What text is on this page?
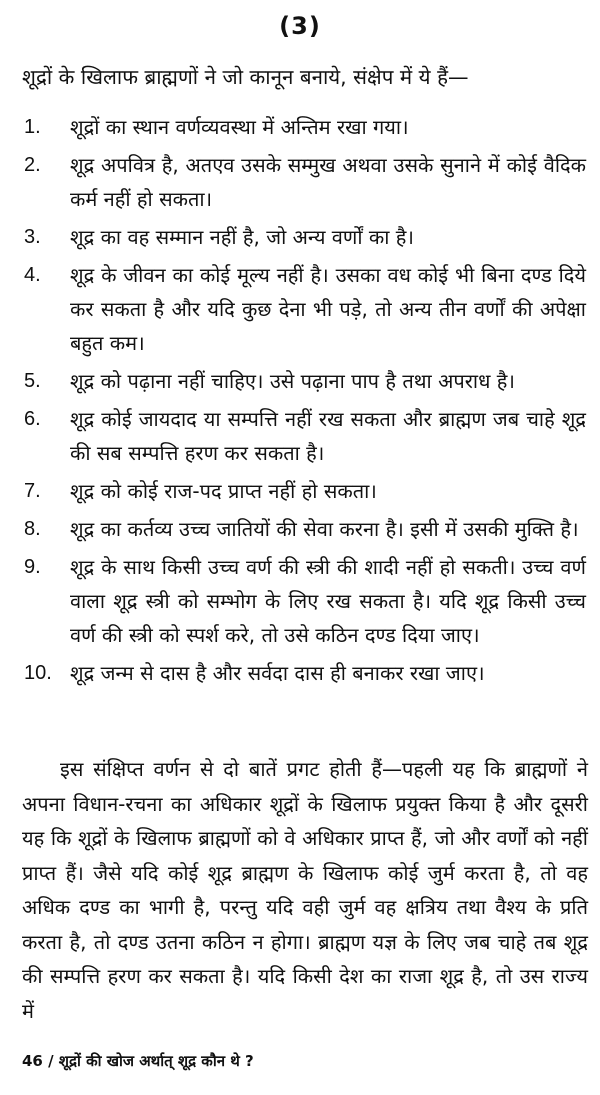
(3)
शूद्रों के खिलाफ ब्राह्मणों ने जो कानून बनाये, संक्षेप में ये हैं—
1.	शूद्रों का स्थान वर्णव्यवस्था में अन्तिम रखा गया।
2.	शूद्र अपवित्र है, अतएव उसके सम्मुख अथवा उसके सुनाने में कोई वैदिक कर्म नहीं हो सकता।
3.	शूद्र का वह सम्मान नहीं है, जो अन्य वर्णों का है।
4.	शूद्र के जीवन का कोई मूल्य नहीं है। उसका वध कोई भी बिना दण्ड दिये कर सकता है और यदि कुछ देना भी पड़े, तो अन्य तीन वर्णों की अपेक्षा बहुत कम।
5.	शूद्र को पढ़ाना नहीं चाहिए। उसे पढ़ाना पाप है तथा अपराध है।
6.	शूद्र कोई जायदाद या सम्पत्ति नहीं रख सकता और ब्राह्मण जब चाहे शूद्र की सब सम्पत्ति हरण कर सकता है।
7.	शूद्र को कोई राज-पद प्राप्त नहीं हो सकता।
8.	शूद्र का कर्तव्य उच्च जातियों की सेवा करना है। इसी में उसकी मुक्ति है।
9.	शूद्र के साथ किसी उच्च वर्ण की स्त्री की शादी नहीं हो सकती। उच्च वर्ण वाला शूद्र स्त्री को सम्भोग के लिए रख सकता है। यदि शूद्र किसी उच्च वर्ण की स्त्री को स्पर्श करे, तो उसे कठिन दण्ड दिया जाए।
10. शूद्र जन्म से दास है और सर्वदा दास ही बनाकर रखा जाए।

इस संक्षिप्त वर्णन से दो बातें प्रगट होती हैं—पहली यह कि ब्राह्मणों ने अपना विधान-रचना का अधिकार शूद्रों के खिलाफ प्रयुक्त किया है और दूसरी यह कि शूद्रों के खिलाफ ब्राह्मणों को वे अधिकार प्राप्त हैं, जो और वर्णों को नहीं प्राप्त हैं। जैसे यदि कोई शूद्र ब्राह्मण के खिलाफ कोई जुर्म करता है, तो वह अधिक दण्ड का भागी है, परन्तु यदि वही जुर्म वह क्षत्रिय तथा वैश्य के प्रति करता है, तो दण्ड उतना कठिन न होगा। ब्राह्मण यज्ञ के लिए जब चाहे तब शूद्र की सम्पत्ति हरण कर सकता है। यदि किसी देश का राजा शूद्र है, तो उस राज्य में

46 / शूद्रों की खोज अर्थात् शूद्र कौन थे ?
